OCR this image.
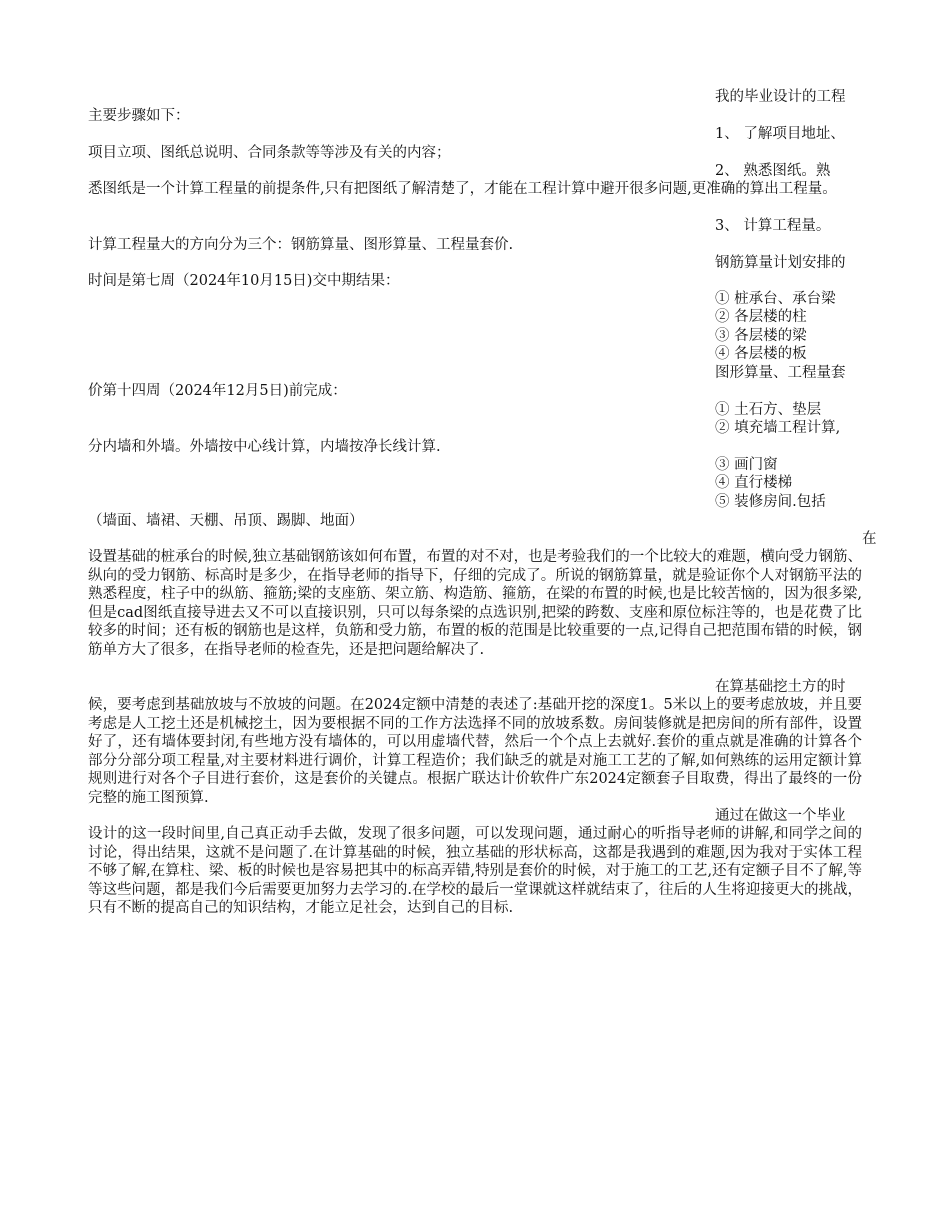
我的毕业设计的工程

主要步骤如下：

1、 了解项目地址、

项目立项、图纸总说明、合同条款等等涉及有关的内容；

2、 熟悉图纸。熟

悉图纸是一个计算工程量的前提条件,只有把图纸了解清楚了，才能在工程计算中避开很多问题,更准确的算出工程量。

3、 计算工程量。

计算工程量大的方向分为三个：钢筋算量、图形算量、工程量套价.

钢筋算量计划安排的

时间是第七周（2024年10月15日)交中期结果：

① 桩承台、承台梁

② 各层楼的柱

③ 各层楼的梁

④ 各层楼的板

图形算量、工程量套

价第十四周（2024年12月5日)前完成：

① 土石方、垫层

② 填充墙工程计算,

分内墙和外墙。外墙按中心线计算，内墙按净长线计算.

③ 画门窗

④ 直行楼梯

⑤ 装修房间.包括

（墙面、墙裙、天棚、吊顶、踢脚、地面）

在

设置基础的桩承台的时候,独立基础钢筋该如何布置，布置的对不对，也是考验我们的一个比较大的难题，横向受力钢筋、纵向的受力钢筋、标高时是多少，在指导老师的指导下，仔细的完成了。所说的钢筋算量，就是验证你个人对钢筋平法的熟悉程度，柱子中的纵筋、箍筋;梁的支座筋、架立筋、构造筋、箍筋，在梁的布置的时候,也是比较苦恼的，因为很多梁,但是cad图纸直接导进去又不可以直接识别，只可以每条梁的点选识别,把梁的跨数、支座和原位标注等的，也是花费了比较多的时间；还有板的钢筋也是这样，负筋和受力筋，布置的板的范围是比较重要的一点,记得自己把范围布错的时候，钢筋单方大了很多，在指导老师的检查先，还是把问题给解决了.

在算基础挖土方的时

候，要考虑到基础放坡与不放坡的问题。在2024定额中清楚的表述了:基础开挖的深度1。5米以上的要考虑放坡，并且要考虑是人工挖土还是机械挖土，因为要根据不同的工作方法选择不同的放坡系数。房间装修就是把房间的所有部件，设置好了，还有墙体要封闭,有些地方没有墙体的，可以用虚墙代替，然后一个个点上去就好.套价的重点就是准确的计算各个部分分部分项工程量,对主要材料进行调价，计算工程造价；我们缺乏的就是对施工工艺的了解,如何熟练的运用定额计算规则进行对各个子目进行套价，这是套价的关键点。根据广联达计价软件广东2024定额套子目取费，得出了最终的一份完整的施工图预算.

通过在做这一个毕业

设计的这一段时间里,自己真正动手去做，发现了很多问题，可以发现问题，通过耐心的听指导老师的讲解,和同学之间的讨论，得出结果，这就不是问题了.在计算基础的时候，独立基础的形状标高，这都是我遇到的难题,因为我对于实体工程不够了解,在算柱、梁、板的时候也是容易把其中的标高弄错,特别是套价的时候，对于施工的工艺,还有定额子目不了解,等等这些问题，都是我们今后需要更加努力去学习的.在学校的最后一堂课就这样就结束了，往后的人生将迎接更大的挑战，只有不断的提高自己的知识结构，才能立足社会，达到自己的目标.
